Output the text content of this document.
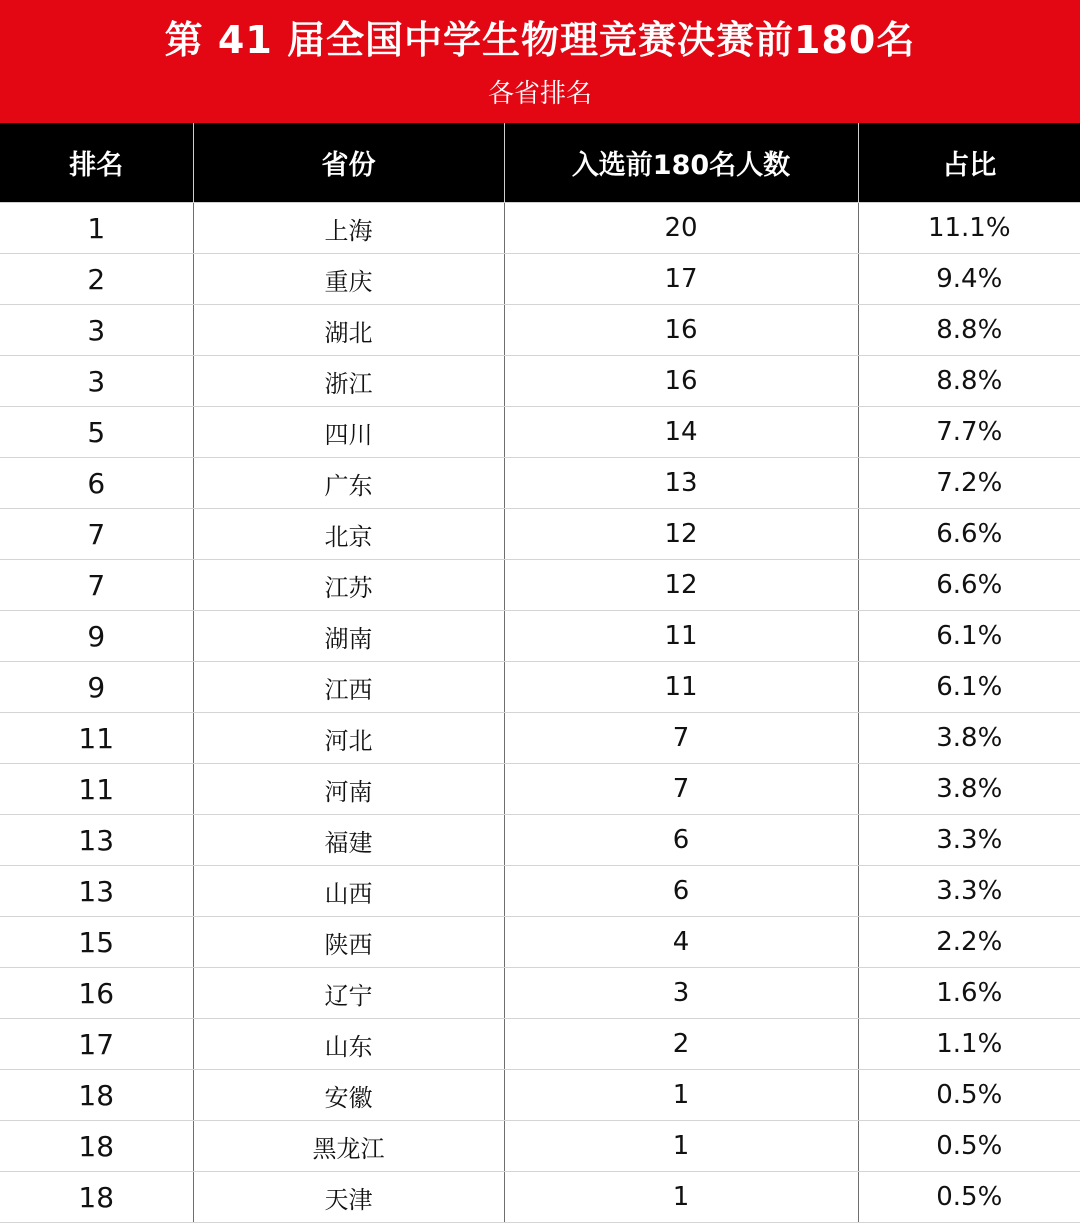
第 41 届全国中学生物理竞赛决赛前180名
各省排名
排名	省份	入选前180名人数	占比
1	上海	20	11.1%
2	重庆	17	9.4%
3	湖北	16	8.8%
3	浙江	16	8.8%
5	四川	14	7.7%
6	广东	13	7.2%
7	北京	12	6.6%
7	江苏	12	6.6%
9	湖南	11	6.1%
9	江西	11	6.1%
11	河北	7	3.8%
11	河南	7	3.8%
13	福建	6	3.3%
13	山西	6	3.3%
15	陕西	4	2.2%
16	辽宁	3	1.6%
17	山东	2	1.1%
18	安徽	1	0.5%
18	黑龙江	1	0.5%
18	天津	1	0.5%
